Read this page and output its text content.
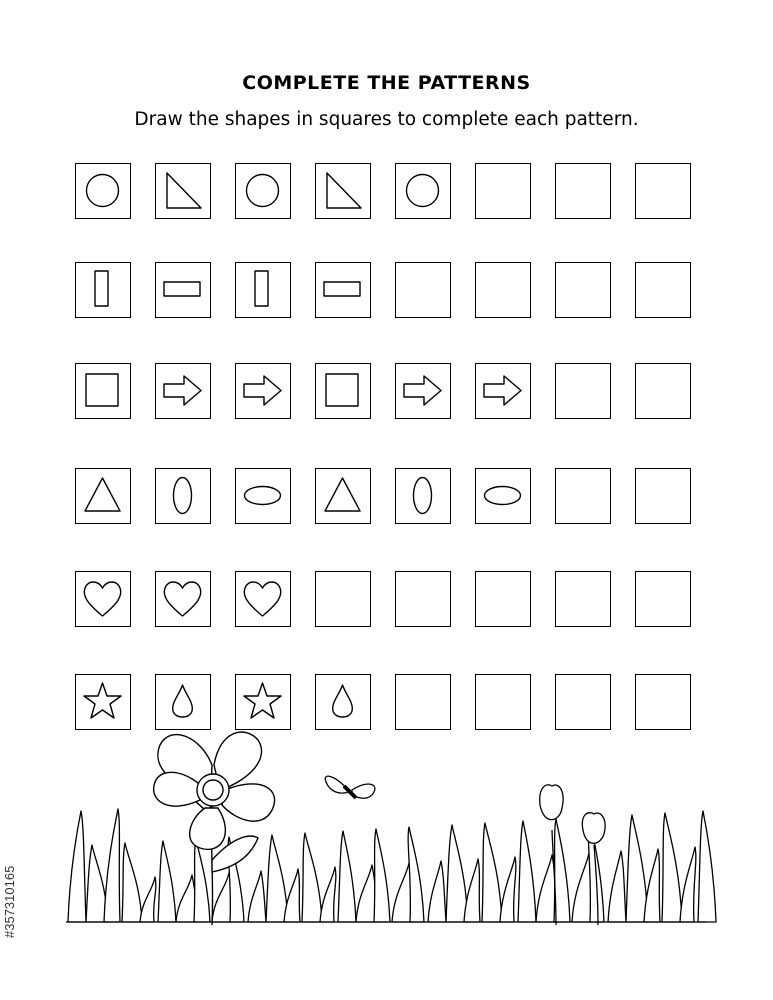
COMPLETE THE PATTERNS
Draw the shapes in squares to complete each pattern.
#357310165
